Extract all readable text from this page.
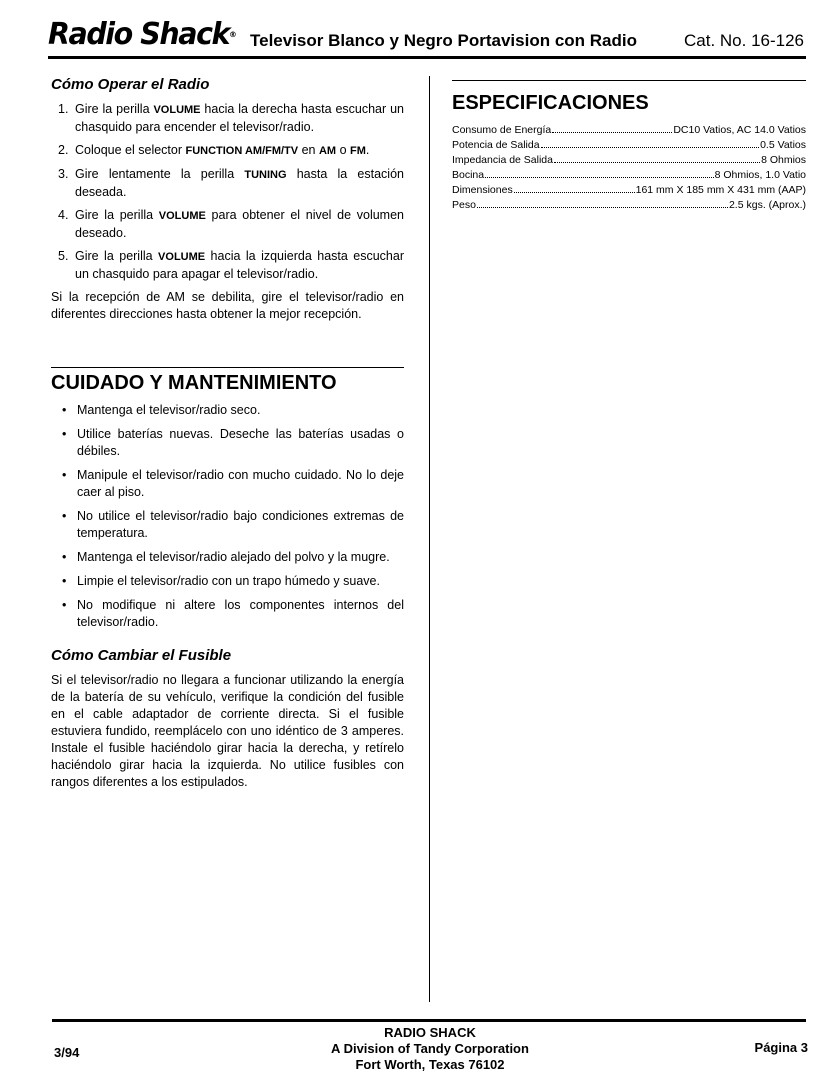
Radio Shack® Televisor Blanco y Negro Portavision con Radio	Cat. No. 16-126
Cómo Operar el Radio
1. Gire la perilla VOLUME hacia la derecha hasta escuchar un chasquido para encender el televisor/radio.
2. Coloque el selector FUNCTION AM/FM/TV en AM o FM.
3. Gire lentamente la perilla TUNING hasta la estación deseada.
4. Gire la perilla VOLUME para obtener el nivel de volumen deseado.
5. Gire la perilla VOLUME hacia la izquierda hasta escuchar un chasquido para apagar el televisor/radio.

Si la recepción de AM se debilita, gire el televisor/radio en diferentes direcciones hasta obtener la mejor recepción.

CUIDADO Y MANTENIMIENTO
• Mantenga el televisor/radio seco.
• Utilice baterías nuevas. Deseche las baterías usadas o débiles.
• Manipule el televisor/radio con mucho cuidado. No lo deje caer al piso.
• No utilice el televisor/radio bajo condiciones extremas de temperatura.
• Mantenga el televisor/radio alejado del polvo y la mugre.
• Limpie el televisor/radio con un trapo húmedo y suave.
• No modifique ni altere los componentes internos del televisor/radio.
Cómo Cambiar el Fusible

Si el televisor/radio no llegara a funcionar utilizando la energía de la batería de su vehículo, verifique la condición del fusible en el cable adaptador de corriente directa. Si el fusible estuviera fundido, reemplácelo con uno idéntico de 3 amperes. Instale el fusible haciéndolo girar hacia la derecha, y retírelo haciéndolo girar hacia la izquierda. No utilice fusibles con rangos diferentes a los estipulados.

ESPECIFICACIONES
Consumo de Energía	DC10 Vatios, AC 14.0 Vatios
Potencia de Salida	0.5 Vatios
Impedancia de Salida	8 Ohmios
Bocina	8 Ohmios, 1.0 Vatio
Dimensiones	161 mm X 185 mm X 431 mm (AAP)
Peso	2.5 kgs. (Aprox.)
3/94
RADIO SHACK
A Division of Tandy Corporation
Fort Worth, Texas 76102
Página 3
